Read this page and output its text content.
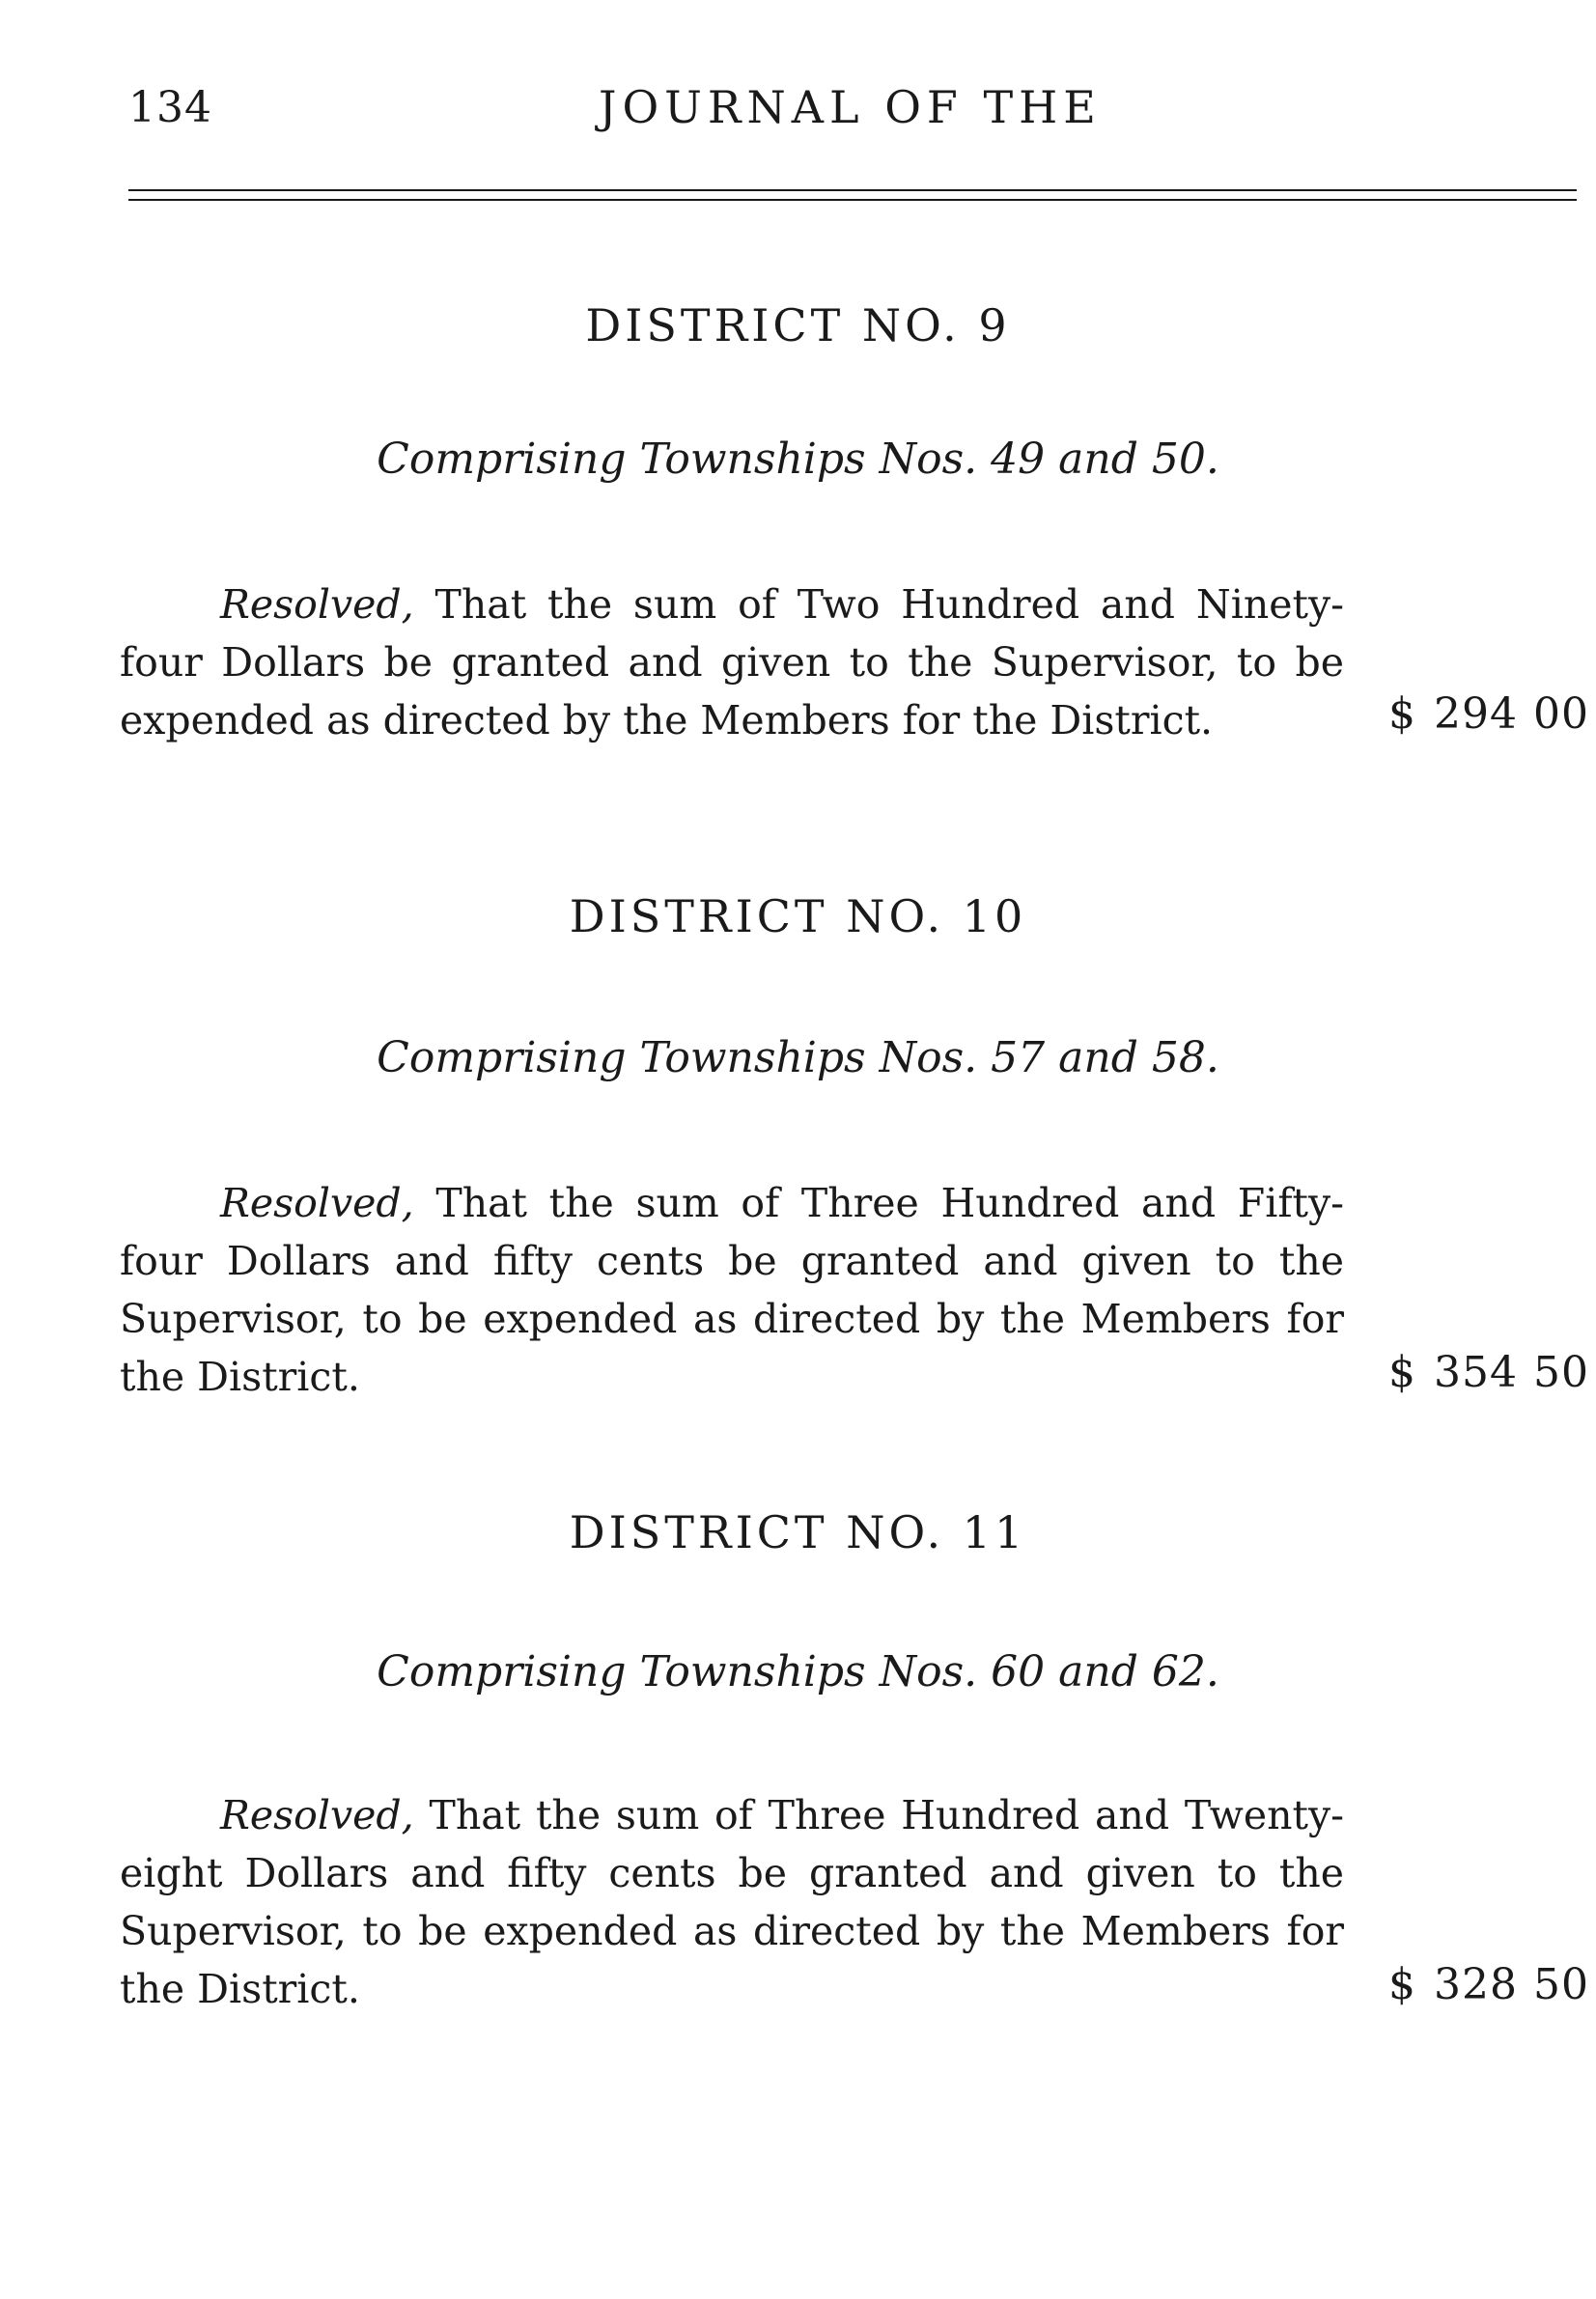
134	JOURNAL OF THE
DISTRICT NO. 9
Comprising Townships Nos. 49 and 50.
Resolved, That the sum of Two Hundred and Ninety-four Dollars be granted and given to the Supervisor, to be expended as directed by the Members for the District.	$ 294 00
DISTRICT NO. 10
Comprising Townships Nos. 57 and 58.
Resolved, That the sum of Three Hundred and Fifty-four Dollars and fifty cents be granted and given to the Supervisor, to be expended as directed by the Members for the District.	$ 354 50
DISTRICT NO. 11
Comprising Townships Nos. 60 and 62.
Resolved, That the sum of Three Hundred and Twenty-eight Dollars and fifty cents be granted and given to the Supervisor, to be expended as directed by the Members for the District.	$ 328 50
